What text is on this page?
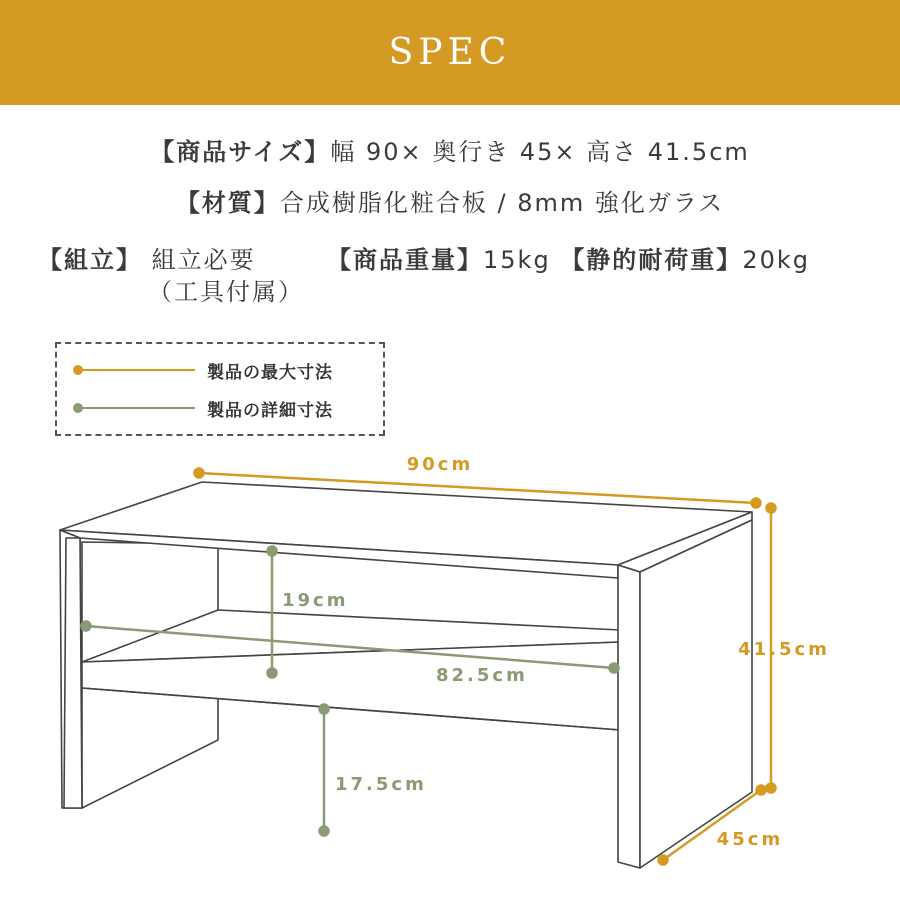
SPEC
【商品サイズ】幅 90× 奥行き 45× 高さ 41.5cm
【材質】合成樹脂化粧合板 / 8mm 強化ガラス
【組立】 組立必要
（工具付属）
【商品重量】15kg 【静的耐荷重】20kg
製品の最大寸法
製品の詳細寸法
90cm
41.5cm
45cm
19cm
82.5cm
17.5cm
